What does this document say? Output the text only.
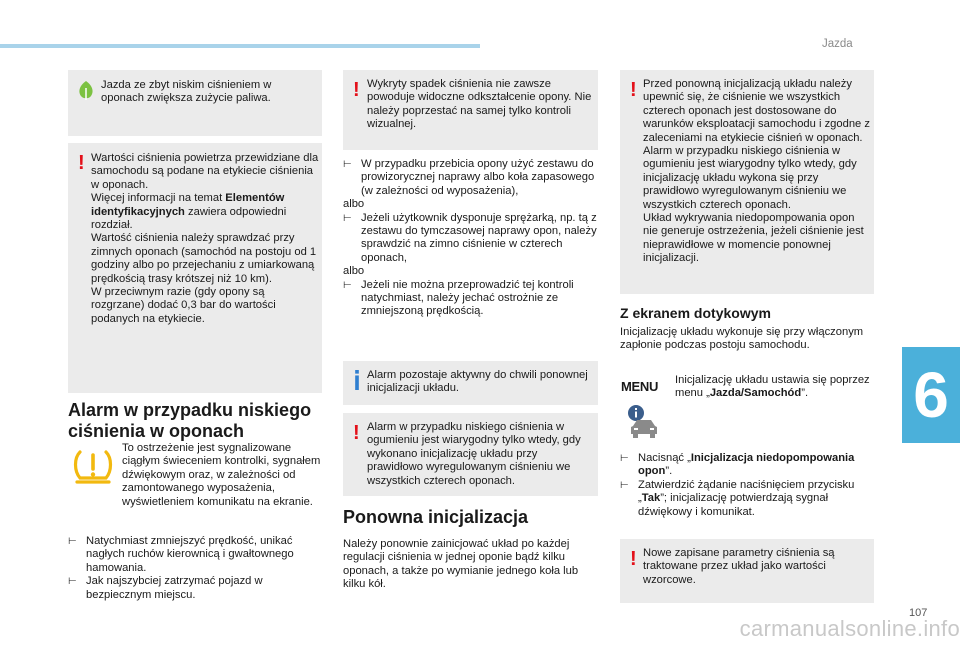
Jazda
Jazda ze zbyt niskim ciśnieniem w oponach zwiększa zużycie paliwa.
! Wartości ciśnienia powietrza przewidziane dla samochodu są podane na etykiecie ciśnienia w oponach.
Więcej informacji na temat Elementów identyfikacyjnych zawiera odpowiedni rozdział.
Wartość ciśnienia należy sprawdzać przy zimnych oponach (samochód na postoju od 1 godziny albo po przejechaniu z umiarkowaną prędkością trasy krótszej niż 10 km).
W przeciwnym razie (gdy opony są rozgrzane) dodać 0,3 bar do wartości podanych na etykiecie.
Alarm w przypadku niskiego ciśnienia w oponach
To ostrzeżenie jest sygnalizowane ciągłym świeceniem kontrolki, sygnałem dźwiękowym oraz, w zależności od zamontowanego wyposażenia, wyświetleniem komunikatu na ekranie.
⊢ Natychmiast zmniejszyć prędkość, unikać nagłych ruchów kierownicą i gwałtownego hamowania.
⊢ Jak najszybciej zatrzymać pojazd w bezpiecznym miejscu.
! Wykryty spadek ciśnienia nie zawsze powoduje widoczne odkształcenie opony. Nie należy poprzestać na samej tylko kontroli wizualnej.
⊢ W przypadku przebicia opony użyć zestawu do prowizorycznej naprawy albo koła zapasowego (w zależności od wyposażenia),
albo
⊢ Jeżeli użytkownik dysponuje sprężarką, np. tą z zestawu do tymczasowej naprawy opon, należy sprawdzić na zimno ciśnienie w czterech oponach,
albo
⊢ Jeżeli nie można przeprowadzić tej kontroli natychmiast, należy jechać ostrożnie ze zmniejszoną prędkością.
Alarm pozostaje aktywny do chwili ponownej inicjalizacji układu.
! Alarm w przypadku niskiego ciśnienia w ogumieniu jest wiarygodny tylko wtedy, gdy wykonano inicjalizację układu przy prawidłowo wyregulowanym ciśnieniu we wszystkich czterech oponach.
Ponowna inicjalizacja
Należy ponownie zainicjować układ po każdej regulacji ciśnienia w jednej oponie bądź kilku oponach, a także po wymianie jednego koła lub kilku kół.
! Przed ponowną inicjalizacją układu należy upewnić się, że ciśnienie we wszystkich czterech oponach jest dostosowane do warunków eksploatacji samochodu i zgodne z zaleceniami na etykiecie ciśnień w oponach.
Alarm w przypadku niskiego ciśnienia w ogumieniu jest wiarygodny tylko wtedy, gdy inicjalizację układu wykona się przy prawidłowo wyregulowanym ciśnieniu we wszystkich czterech oponach.
Układ wykrywania niedopompowania opon nie generuje ostrzeżenia, jeżeli ciśnienie jest nieprawidłowe w momencie ponownej inicjalizacji.
Z ekranem dotykowym
Inicjalizację układu wykonuje się przy włączonym zapłonie podczas postoju samochodu.
MENU Inicjalizację układu ustawia się poprzez menu „Jazda/Samochód”.
⊢ Nacisnąć „Inicjalizacja niedopompowania opon”.
⊢ Zatwierdzić żądanie naciśnięciem przycisku „Tak”; inicjalizację potwierdzają sygnał dźwiękowy i komunikat.
! Nowe zapisane parametry ciśnienia są traktowane przez układ jako wartości wzorcowe.
6
107
carmanualsonline.info
